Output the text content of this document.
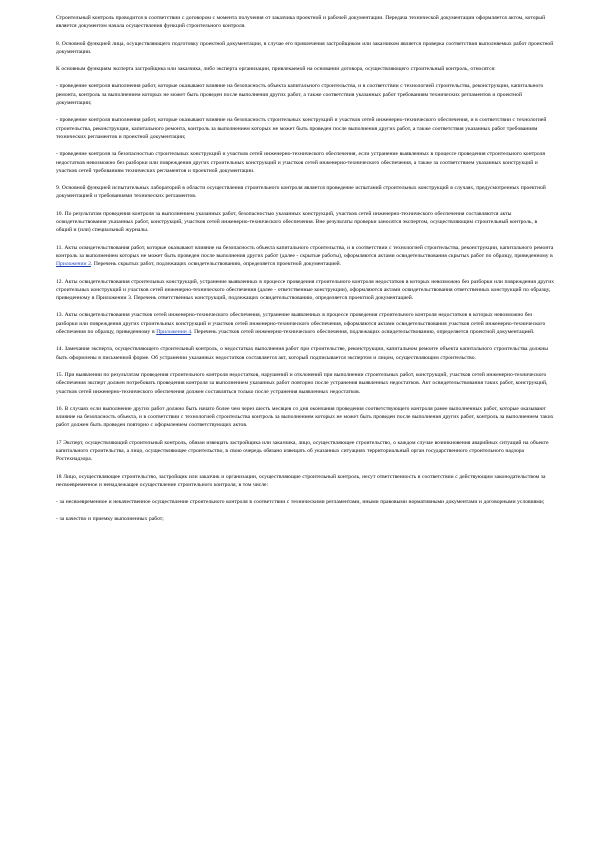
Строительный контроль проводится в соответствии с договором с момента получения от заказчика проектной и рабочей документации. Передача технической документации оформляется актом, который является документом начала осуществления функций строительного контроля.

8. Основной функцией лица, осуществляющего подготовку проектной документации, в случае его привлечения застройщиком или заказчиком является проверка соответствия выполняемых работ проектной документации.

К основным функциям эксперта застройщика или заказчика, либо эксперта организации, привлекаемой на основании договора, осуществляющего строительный контроль, относятся:

- проведение контроля выполнения работ, которые оказывают влияние на безопасность объекта капитального строительства, и в соответствии с технологией строительства, реконструкции, капитального ремонта, контроль за выполнением которых не может быть проведен после выполнения других работ, а также соответствия указанных работ требованиям технических регламентов и проектной документации;

- проведение контроля выполнения работ, которые оказывают влияние на безопасность строительных конструкций и участков сетей инженерно-технического обеспечения, и в соответствии с технологией строительства, реконструкции, капитального ремонта, контроль за выполнением которых не может быть проведен после выполнения других работ, а также соответствия указанных работ требованиям технических регламентов и проектной документации;

- проведение контроля за безопасностью строительных конструкций и участков сетей инженерно-технического обеспечения, если устранение выявленных в процессе проведения строительного контроля недостатков невозможно без разборки или повреждения других строительных конструкций и участков сетей инженерно-технического обеспечения, а также за соответствием указанных конструкций и участков сетей требованиям технических регламентов и проектной документации.

9. Основной функцией испытательных лабораторий в области осуществления строительного контроля является проведение испытаний строительных конструкций в случаях, предусмотренных проектной документацией и требованиями технических регламентов.

10. По результатам проведения контроля за выполнением указанных работ, безопасностью указанных конструкций, участков сетей инженерно-технического обеспечения составляются акты освидетельствования указанных работ, конструкций, участков сетей инженерно-технического обеспечения. Вне результаты проверки заносятся экспертом, осуществляющим строительный контроль, в общий и (или) специальный журналы.

11. Акты освидетельствования работ, которые оказывают влияние на безопасность объекта капитального строительства, и в соответствии с технологией строительства, реконструкции, капитального ремонта контроль за выполнением которых не может быть проведен после выполнения других работ (далее - скрытые работы), оформляются актами освидетельствования скрытых работ по образцу, приведенному в Приложении 2. Перечень скрытых работ, подлежащих освидетельствованию, определяется проектной документацией.

12. Акты освидетельствования строительных конструкций, устранение выявленных в процессе проведения строительного контроля недостатков в которых невозможно без разборки или повреждения других строительных конструкций и участков сетей инженерно-технического обеспечения (далее - ответственные конструкции), оформляются актами освидетельствования ответственных конструкций по образцу, приведенному в Приложении 3. Перечень ответственных конструкций, подлежащих освидетельствованию, определяется проектной документацией.

13. Акты освидетельствования участков сетей инженерно-технического обеспечения, устранение выявленных в процессе проведения строительного контроля недостатков в которых невозможно без разборки или повреждения других строительных конструкций и участков сетей инженерно-технического обеспечения, оформляются актами освидетельствования участков сетей инженерно-технического обеспечения по образцу, приведенному в Приложении 4. Перечень участков сетей инженерно-технического обеспечения, подлежащих освидетельствованию, определяется проектной документацией.

14. Замечания эксперта, осуществляющего строительный контроль, о недостатках выполнения работ при строительстве, реконструкции, капитальном ремонте объекта капитального строительства должны быть оформлены в письменной форме. Об устранении указанных недостатков составляется акт, который подписывается экспертом и лицом, осуществляющим строительство.

15. При выявлении по результатам проведения строительного контроля недостатков, нарушений и отклонений при выполнении строительных работ, конструкций, участков сетей инженерно-технического обеспечения эксперт должен потребовать проведения контроля за выполнением указанных работ повторно после устранения выявленных недостатков. Акт освидетельствования таких работ, конструкций, участков сетей инженерно-технического обеспечения должен составляться только после устранения выявленных недостатков.

16. В случаях если выполнение других работ должно быть начато более чем через шесть месяцев со дня окончания проведения соответствующего контроля ранее выполненных работ, которые оказывают влияние на безопасность объекта, и в соответствии с технологией строительства контроль за выполнением которых не может быть проведен после выполнения других работ, контроль за выполнением таких работ должен быть проведен повторно с оформлением соответствующих актов.

17 Эксперт, осуществляющий строительный контроль, обязан извещать застройщика или заказчика, лицо, осуществляющее строительство, о каждом случае возникновения аварийных ситуаций на объекте капитального строительства, а лицо, осуществляющее строительство, в свою очередь обязано извещать об указанных ситуациях территориальный орган государственного строительного надзора Ростехнадзора.

18 Лицо, осуществляющее строительство, застройщик или заказчик и организации, осуществляющие строительный контроль, несут ответственность в соответствии с действующим законодательством за несвоевременное и ненадлежащее осуществление строительного контроля, в том числе:

- за несвоевременное и некачественное осуществление строительного контроля в соответствии с техническими регламентами, иными правовыми нормативными документами и договорными условиями;

- за качество и приемку выполненных работ;
